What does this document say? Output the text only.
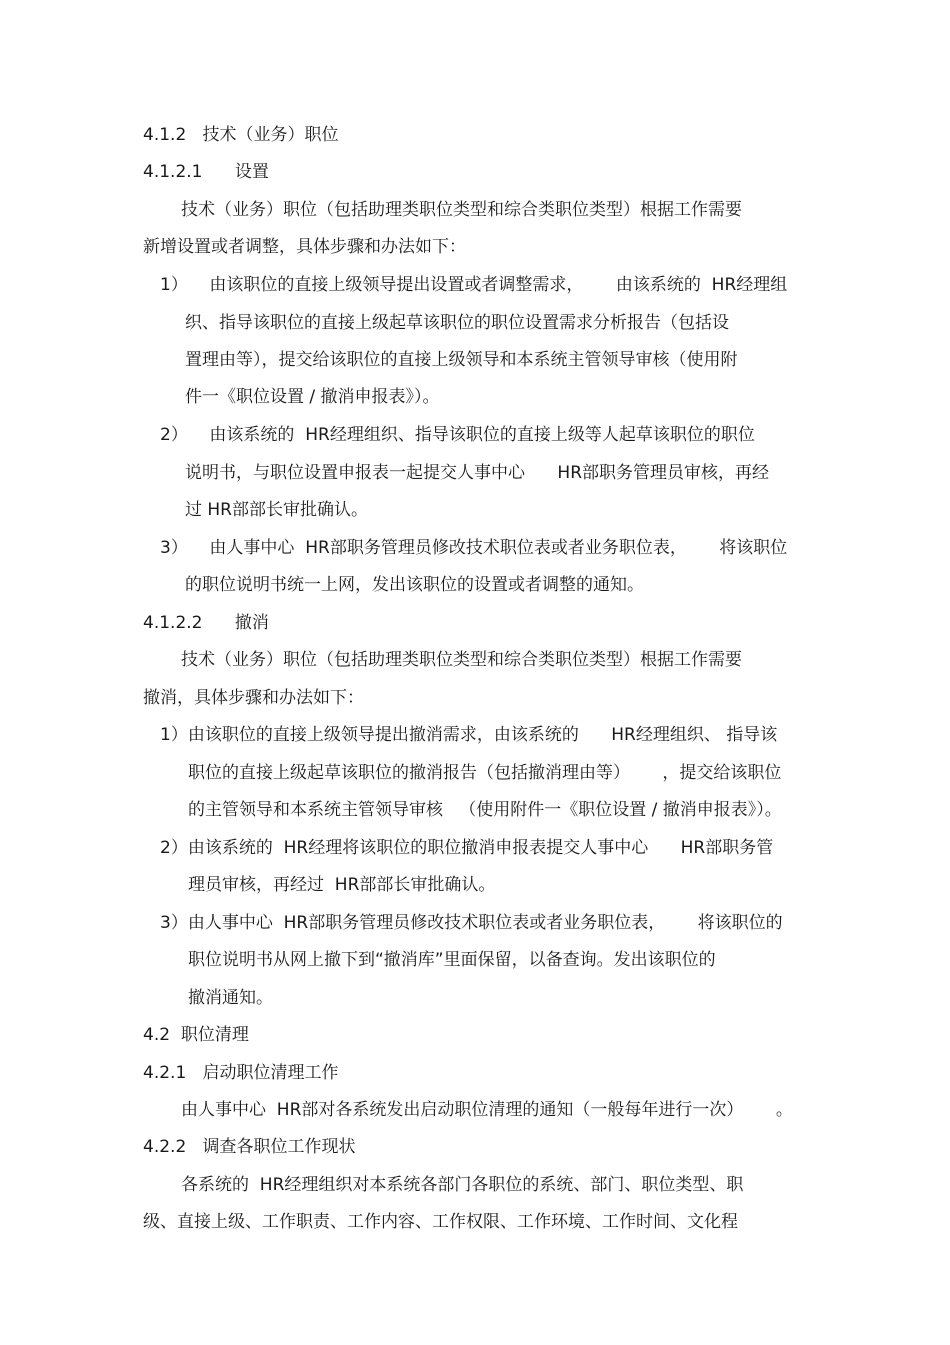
4.1.2   技术（业务）职位
4.1.2.1      设置
技术（业务）职位（包括助理类职位类型和综合类职位类型）根据工作需要
新增设置或者调整，具体步骤和办法如下：
1）    由该职位的直接上级领导提出设置或者调整需求，      由该系统的  HR经理组
织、指导该职位的直接上级起草该职位的职位设置需求分析报告（包括设
置理由等），提交给该职位的直接上级领导和本系统主管领导审核（使用附
件一《职位设置 / 撤消申报表》）。
2）    由该系统的  HR经理组织、指导该职位的直接上级等人起草该职位的职位
说明书，与职位设置申报表一起提交人事中心      HR部职务管理员审核，再经
过 HR部部长审批确认。
3）    由人事中心  HR部职务管理员修改技术职位表或者业务职位表，      将该职位
的职位说明书统一上网，发出该职位的设置或者调整的通知。
4.1.2.2      撤消
技术（业务）职位（包括助理类职位类型和综合类职位类型）根据工作需要
撤消，具体步骤和办法如下：
1）由该职位的直接上级领导提出撤消需求，由该系统的      HR经理组织、 指导该
职位的直接上级起草该职位的撤消报告（包括撤消理由等）      ，提交给该职位
的主管领导和本系统主管领导审核   （使用附件一《职位设置 / 撤消申报表》）。
2）由该系统的  HR经理将该职位的职位撤消申报表提交人事中心      HR部职务管
理员审核，再经过  HR部部长审批确认。
3）由人事中心  HR部职务管理员修改技术职位表或者业务职位表，      将该职位的
职位说明书从网上撤下到“撤消库”里面保留，以备查询。发出该职位的
撤消通知。
4.2  职位清理
4.2.1   启动职位清理工作
由人事中心  HR部对各系统发出启动职位清理的通知（一般每年进行一次）      。
4.2.2   调查各职位工作现状
各系统的  HR经理组织对本系统各部门各职位的系统、部门、职位类型、职
级、直接上级、工作职责、工作内容、工作权限、工作环境、工作时间、文化程
